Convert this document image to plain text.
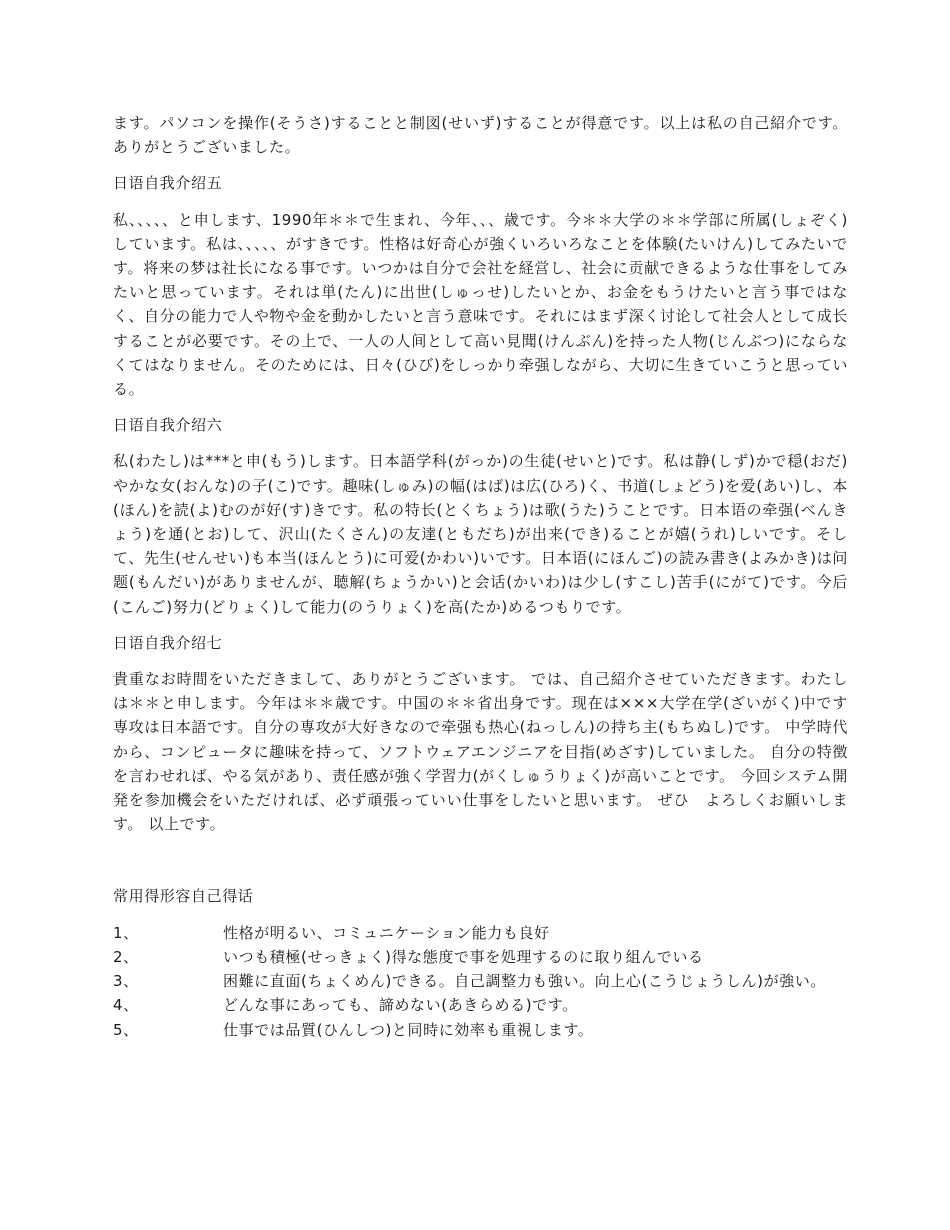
ます。パソコンを操作(そうさ)することと制図(せいず)することが得意です。以上は私の自己紹介です。ありがとうございました。

日语自我介绍五

私、、、、、と申します、1990年＊＊で生まれ、今年、、、歳です。今＊＊大学の＊＊学部に所属(しょぞく)しています。私は、、、、、がすきです。性格は好奇心が強くいろいろなことを体験(たいけん)してみたいです。将来の梦は社长になる事です。いつかは自分で会社を経営し、社会に贡献できるような仕事をしてみたいと思っています。それは単(たん)に出世(しゅっせ)したいとか、お金をもうけたいと言う事ではなく、自分の能力で人や物や金を動かしたいと言う意味です。それにはまず深く讨论して社会人として成长することが必要です。その上で、一人の人间として高い見聞(けんぶん)を持った人物(じんぶつ)にならなくてはなりません。そのためには、日々(ひび)をしっかり牵强しながら、大切に生きていこうと思っている。

日语自我介绍六

私(わたし)は***と申(もう)します。日本語学科(がっか)の生徒(せいと)です。私は静(しず)かで穏(おだ)やかな女(おんな)の子(こ)です。趣味(しゅみ)の幅(はば)は広(ひろ)く、书道(しょどう)を爱(あい)し、本(ほん)を読(よ)むのが好(す)きです。私の特长(とくちょう)は歌(うた)うことです。日本语の牵强(べんきょう)を通(とお)して、沢山(たくさん)の友達(ともだち)が出来(でき)ることが嬉(うれ)しいです。そして、先生(せんせい)も本当(ほんとう)に可爱(かわい)いです。日本语(にほんご)の読み書き(よみかき)は问题(もんだい)がありませんが、聴解(ちょうかい)と会话(かいわ)は少し(すこし)苦手(にがて)です。今后(こんご)努力(どりょく)して能力(のうりょく)を高(たか)めるつもりです。

日语自我介绍七

貴重なお時間をいただきまして、ありがとうございます。 では、自己紹介させていただきます。わたしは＊＊と申します。今年は＊＊歳です。中国の＊＊省出身です。现在は×××大学在学(ざいがく)中です　 専攻は日本語です。自分の専攻が大好きなので牵强も热心(ねっしん)の持ち主(もちぬし)です。 中学時代から、コンピュータに趣味を持って、ソフトウェアエンジニアを目指(めざす)していました。 自分の特徴を言わせれば、やる気があり、责任感が強く学習力(がくしゅうりょく)が高いことです。 今回システム開発を参加機会をいただければ、必ず頑張っていい仕事をしたいと思います。 ぜひ　よろしくお願いします。 以上です。

常用得形容自己得话
1、	性格が明るい、コミュニケーション能力も良好
2、	いつも積極(せっきょく)得な態度で事を処理するのに取り組んでいる
3、	困難に直面(ちょくめん)できる。自己調整力も強い。向上心(こうじょうしん)が強い。
4、	どんな事にあっても、諦めない(あきらめる)です。
5、	仕事では品質(ひんしつ)と同時に効率も重視します。
